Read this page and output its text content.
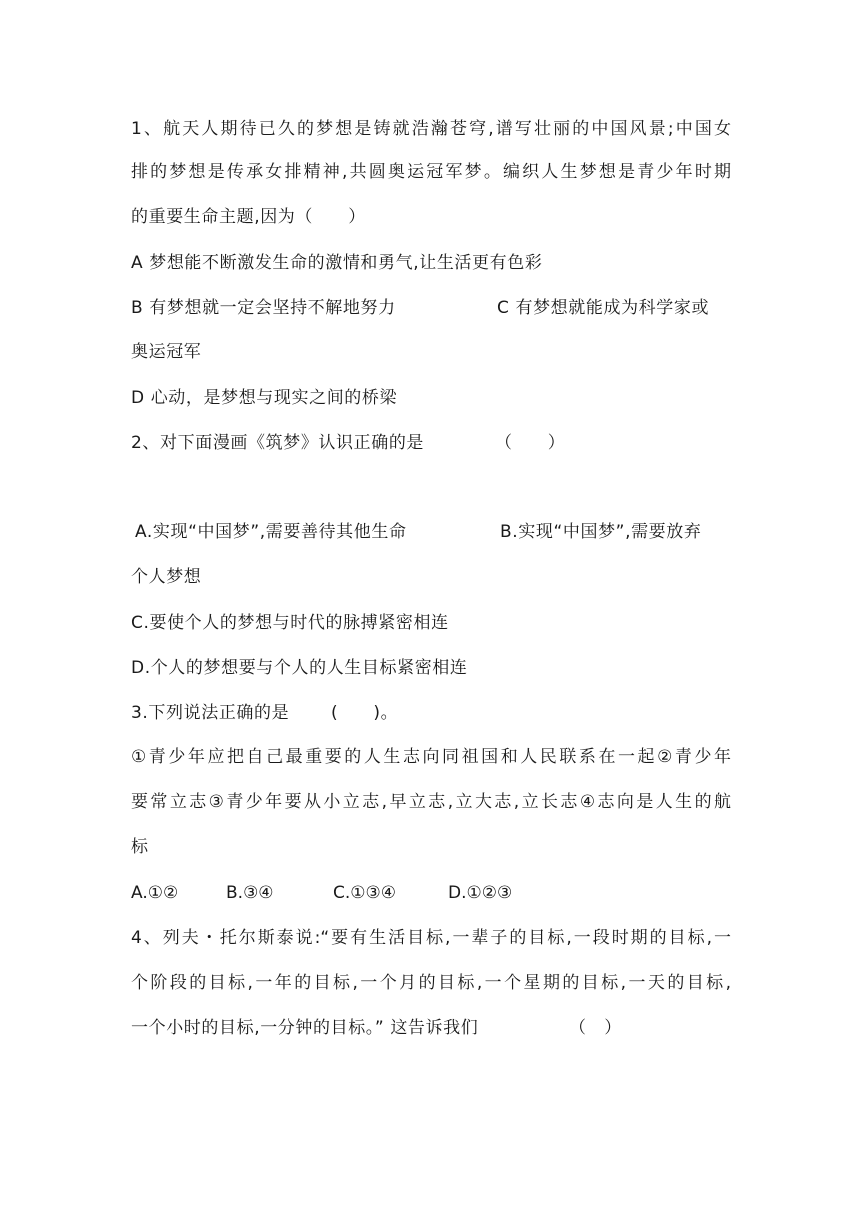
1、航天人期待已久的梦想是铸就浩瀚苍穹,谱写壮丽的中国风景;中国女
排的梦想是传承女排精神,共圆奥运冠军梦。编织人生梦想是青少年时期
的重要生命主题,因为（　　）
A 梦想能不断激发生命的激情和勇气,让生活更有色彩
B 有梦想就一定会坚持不解地努力	C 有梦想就能成为科学家或
奥运冠军
D 心动，是梦想与现实之间的桥梁
2、对下面漫画《筑梦》认识正确的是	（　　）
A.实现“中国梦”,需要善待其他生命	B.实现“中国梦”,需要放弃
个人梦想
C.要使个人的梦想与时代的脉搏紧密相连
D.个人的梦想要与个人的人生目标紧密相连
3.下列说法正确的是 (　　)。
①青少年应把自己最重要的人生志向同祖国和人民联系在一起②青少年
要常立志③青少年要从小立志,早立志,立大志,立长志④志向是人生的航
标
A.①②	B.③④	C.①③④	D.①②③
4、列夫・托尔斯泰说:“要有生活目标,一辈子的目标,一段时期的目标,一
个阶段的目标,一年的目标,一个月的目标,一个星期的目标,一天的目标,
一个小时的目标,一分钟的目标。” 这告诉我们	（　）
